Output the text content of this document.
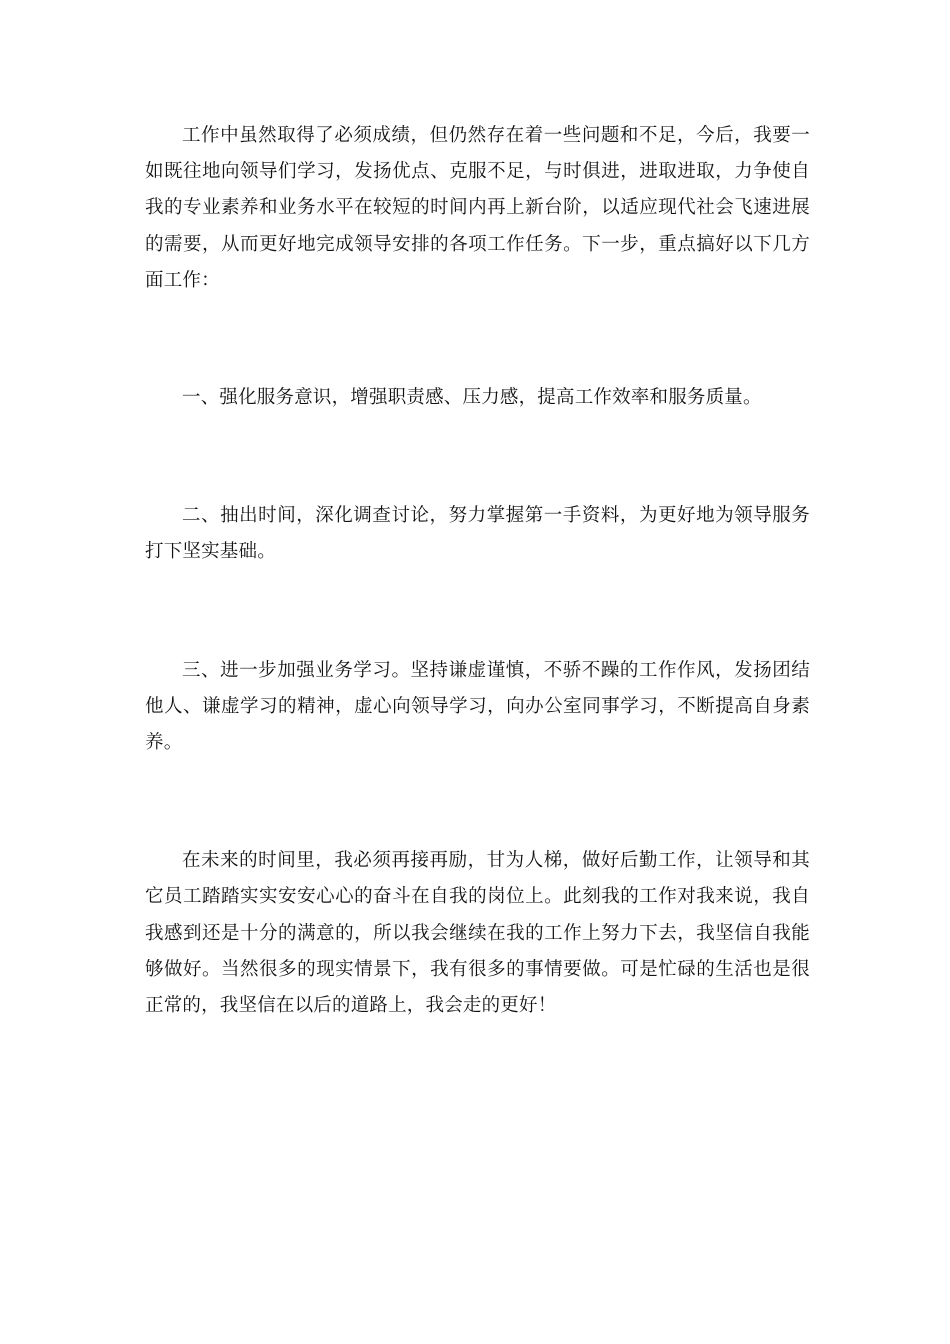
工作中虽然取得了必须成绩，但仍然存在着一些问题和不足，今后，我要一如既往地向领导们学习，发扬优点、克服不足，与时俱进，进取进取，力争使自我的专业素养和业务水平在较短的时间内再上新台阶，以适应现代社会飞速进展的需要，从而更好地完成领导安排的各项工作任务。下一步，重点搞好以下几方面工作：

一、强化服务意识，增强职责感、压力感，提高工作效率和服务质量。

二、抽出时间，深化调查讨论，努力掌握第一手资料，为更好地为领导服务打下坚实基础。

三、进一步加强业务学习。坚持谦虚谨慎，不骄不躁的工作作风，发扬团结他人、谦虚学习的精神，虚心向领导学习，向办公室同事学习，不断提高自身素养。

在未来的时间里，我必须再接再励，甘为人梯，做好后勤工作，让领导和其它员工踏踏实实安安心心的奋斗在自我的岗位上。此刻我的工作对我来说，我自我感到还是十分的满意的，所以我会继续在我的工作上努力下去，我坚信自我能够做好。当然很多的现实情景下，我有很多的事情要做。可是忙碌的生活也是很正常的，我坚信在以后的道路上，我会走的更好！
